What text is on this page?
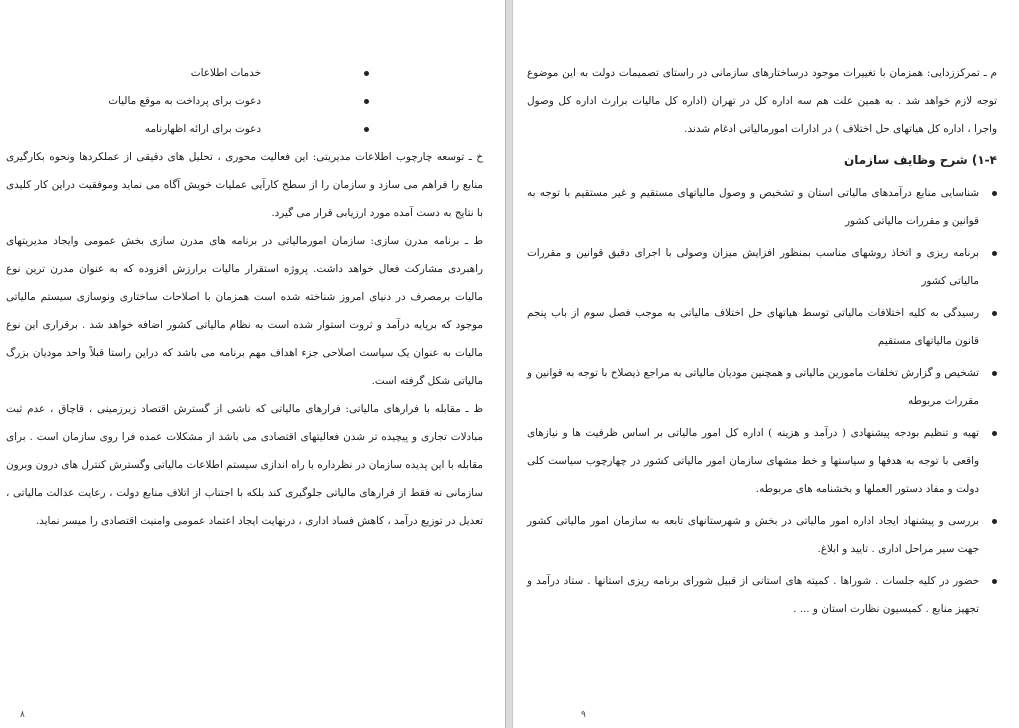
خدمات اطلاعات
دعوت برای پرداخت به موقع مالیات
دعوت برای ارائه اظهارنامه

خ ـ توسعه چارچوب اطلاعات مدیریتی: این فعالیت محوری ، تحلیل های دقیقی از عملکردها ونحوه بکارگیری منابع را فراهم می سازد و سازمان را از سطح کارآیی عملیات خویش آگاه می نماید وموفقیت دراین کار کلیدی با نتایج به دست آمده مورد ارزیابی قرار می گیرد.

ط ـ برنامه مدرن سازی: سازمان امورمالیاتی در برنامه های مدرن سازی بخش عمومی وایجاد مدیریتهای راهبردی مشارکت فعال خواهد داشت. پروژه استقرار مالیات برارزش افزوده که به عنوان مدرن ترین نوع مالیات برمصرف در دنیای امروز شناخته شده است همزمان با اصلاحات ساختاری ونوسازی سیستم مالیاتی موجود که برپایه درآمد و ثروت استوار شده است به نظام مالیاتی کشور اضافه خواهد شد . برقراری این نوع مالیات به عنوان یک سیاست اصلاحی جزء اهداف مهم برنامه می باشد که دراین راستا قبلاً واحد مودیان بزرگ مالیاتی شکل گرفته است.

ظ ـ مقابله با فرارهای مالیاتی: فرارهای مالیاتی که ناشی از گسترش اقتصاد زیرزمینی ، قاچاق ، عدم ثبت مبادلات تجاری و پیچیده تر شدن فعالیتهای اقتصادی می باشد از مشکلات عمده فرا روی سازمان است . برای مقابله با این پدیده سازمان در نظرداره با راه اندازی سیستم اطلاعات مالیاتی وگسترش کنترل های درون وبرون سازمانی نه فقط از فرارهای مالیاتی جلوگیری کند بلکه با اجتناب از اتلاف منابع دولت ، رعایت عدالت مالیاتی ، تعدیل در توزیع درآمد ، کاهش فساد اداری ، درنهایت ایجاد اعتماد عمومی وامنیت اقتصادی را میسر نماید.

۸

م ـ تمرکززدایی: همزمان با تغییرات موجود درساختارهای سازمانی در راستای تصمیمات دولت به این موضوع توجه لازم خواهد شد . به همین علت هم سه اداره کل در تهران (اداره کل مالیات برارث اداره کل وصول واجرا ، اداره کل هیاتهای حل اختلاف ) در ادارات امورمالیاتی ادغام شدند.

۱-۴) شرح وظایف سازمان
شناسایی منابع درآمدهای مالیاتی استان و تشخیص و وصول مالیاتهای مستقیم و غیر مستقیم با توجه به قوانین و مقررات مالیاتی کشور
برنامه ریزی و اتخاذ روشهای مناسب بمنظور افزایش میزان وصولی با اجرای دقیق قوانین و مقررات مالیاتی کشور
رسیدگی به کلیه اختلافات مالیاتی توسط هیاتهای حل اختلاف مالیاتی به موجب فصل سوم از باب پنجم قانون مالیاتهای مستقیم
تشخیص و گزارش تخلفات مامورین مالیاتی و همچنین مودیان مالیاتی به مراجع ذیصلاح با توجه به قوانین و مقررات مربوطه
تهیه و تنظیم بودجه پیشنهادی ( درآمد و هزینه ) اداره کل امور مالیاتی بر اساس ظرفیت ها و نیازهای واقعی با توجه به هدفها و سیاستها و خط مشهای سازمان امور مالیاتی کشور در چهارچوب سیاست کلی دولت و مفاد دستور العملها و بخشنامه های مربوطه.
بررسی و پیشنهاد ایجاد اداره امور مالیاتی در بخش و شهرستانهای تابعه به سازمان امور مالیاتی کشور جهت سیر مراحل اداری . تایید و ابلاغ.
حضور در کلیه جلسات . شوراها . کمیته های استانی از قبیل شورای برنامه ریزی استانها . ستاد درآمد و تجهیز منابع . کمیسیون نظارت استان و ... .
۹
